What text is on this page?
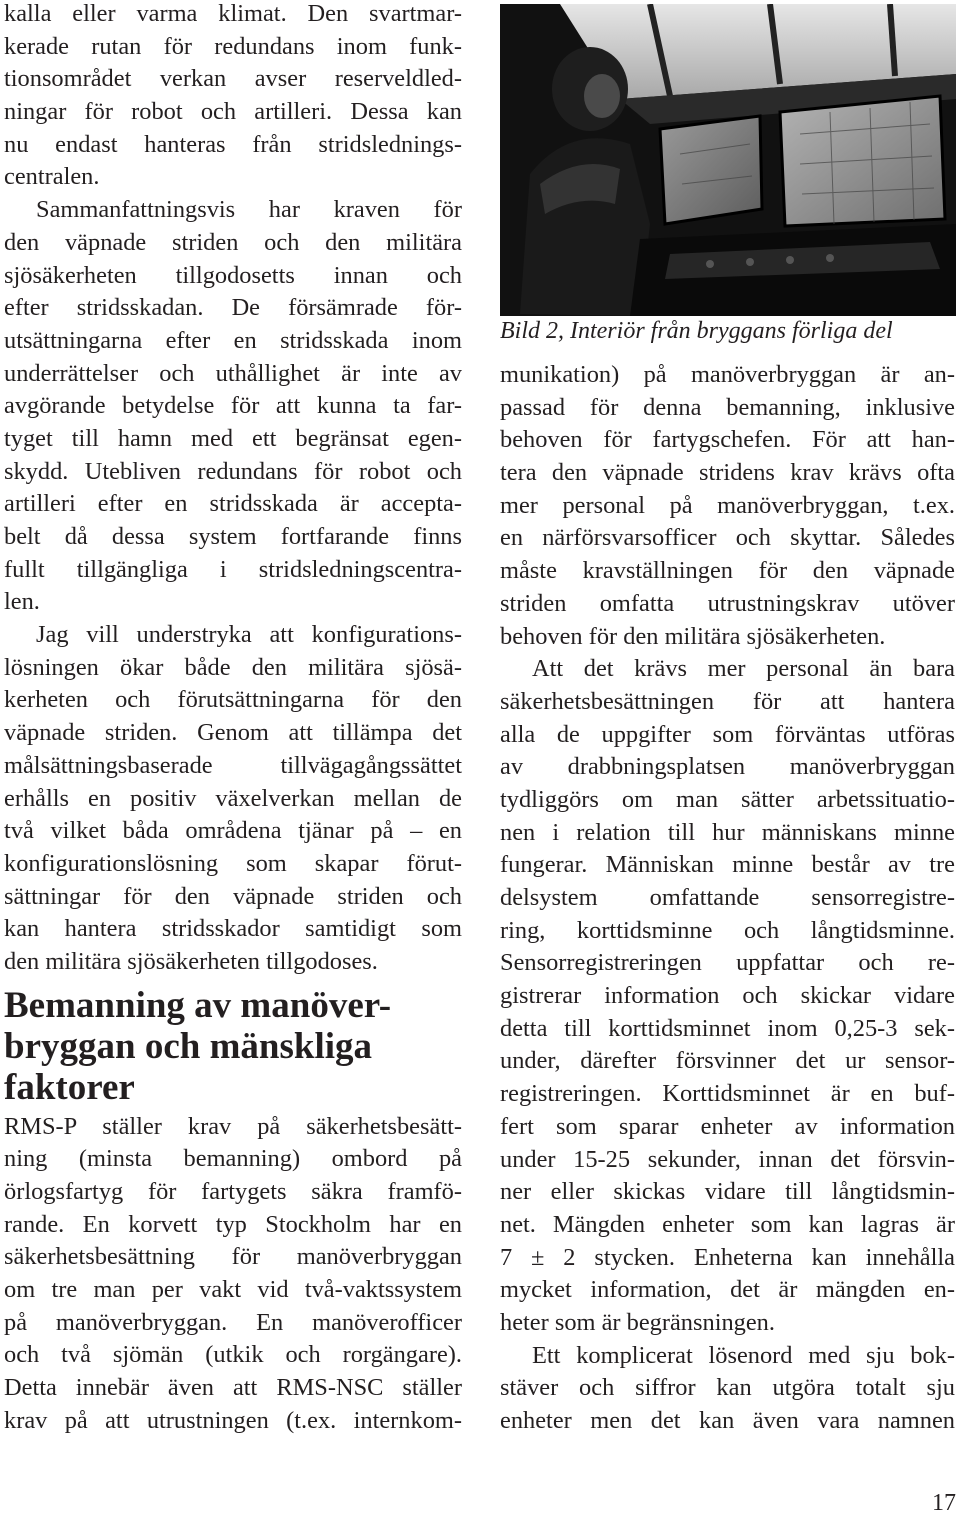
kalla eller varma klimat. Den svartmar-
kerade rutan för redundans inom funk-
tionsområdet verkan avser reserveldled-
ningar för robot och artilleri. Dessa kan
nu endast hanteras från stridslednings-
centralen.
Sammanfattningsvis har kraven för
den väpnade striden och den militära
sjösäkerheten tillgodosetts innan och
efter stridsskadan. De försämrade för-
utsättningarna efter en stridsskada inom
underrättelser och uthållighet är inte av
avgörande betydelse för att kunna ta far-
tyget till hamn med ett begränsat egen-
skydd. Utebliven redundans för robot och
artilleri efter en stridsskada är accepta-
belt då dessa system fortfarande finns
fullt tillgängliga i stridsledningscentra-
len.
Jag vill understryka att konfigurations-
lösningen ökar både den militära sjösä-
kerheten och förutsättningarna för den
väpnade striden. Genom att tillämpa det
målsättningsbaserade tillvägagångssättet
erhålls en positiv växelverkan mellan de
två vilket båda områdena tjänar på – en
konfigurationslösning som skapar förut-
sättningar för den väpnade striden och
kan hantera stridsskador samtidigt som
den militära sjösäkerheten tillgodoses.
Bemanning av manöver-
bryggan och mänskliga
faktorer
RMS-P ställer krav på säkerhetsbesätt-
ning (minsta bemanning) ombord på
örlogsfartyg för fartygets säkra framfö-
rande. En korvett typ Stockholm har en
säkerhetsbesättning för manöverbryggan
om tre man per vakt vid två-vaktssystem
på manöverbryggan. En manöverofficer
och två sjömän (utkik och rorgängare).
Detta innebär även att RMS-NSC ställer
krav på att utrustningen (t.ex. internkom-
Bild 2, Interiör från bryggans förliga del
munikation) på manöverbryggan är an-
passad för denna bemanning, inklusive
behoven för fartygschefen. För att han-
tera den väpnade stridens krav krävs ofta
mer personal på manöverbryggan, t.ex.
en närförsvarsofficer och skyttar. Således
måste kravställningen för den väpnade
striden omfatta utrustningskrav utöver
behoven för den militära sjösäkerheten.
Att det krävs mer personal än bara
säkerhetsbesättningen för att hantera
alla de uppgifter som förväntas utföras
av drabbningsplatsen manöverbryggan
tydliggörs om man sätter arbetssituatio-
nen i relation till hur människans minne
fungerar. Människan minne består av tre
delsystem omfattande sensorregistre-
ring, korttidsminne och långtidsminne.
Sensorregistreringen uppfattar och re-
gistrerar information och skickar vidare
detta till korttidsminnet inom 0,25-3 sek-
under, därefter försvinner det ur sensor-
registreringen. Korttidsminnet är en buf-
fert som sparar enheter av information
under 15-25 sekunder, innan det försvin-
ner eller skickas vidare till långtidsmin-
net. Mängden enheter som kan lagras är
7 ± 2 stycken. Enheterna kan innehålla
mycket information, det är mängden en-
heter som är begränsningen.
Ett komplicerat lösenord med sju bok-
stäver och siffror kan utgöra totalt sju
enheter men det kan även vara namnen
17
